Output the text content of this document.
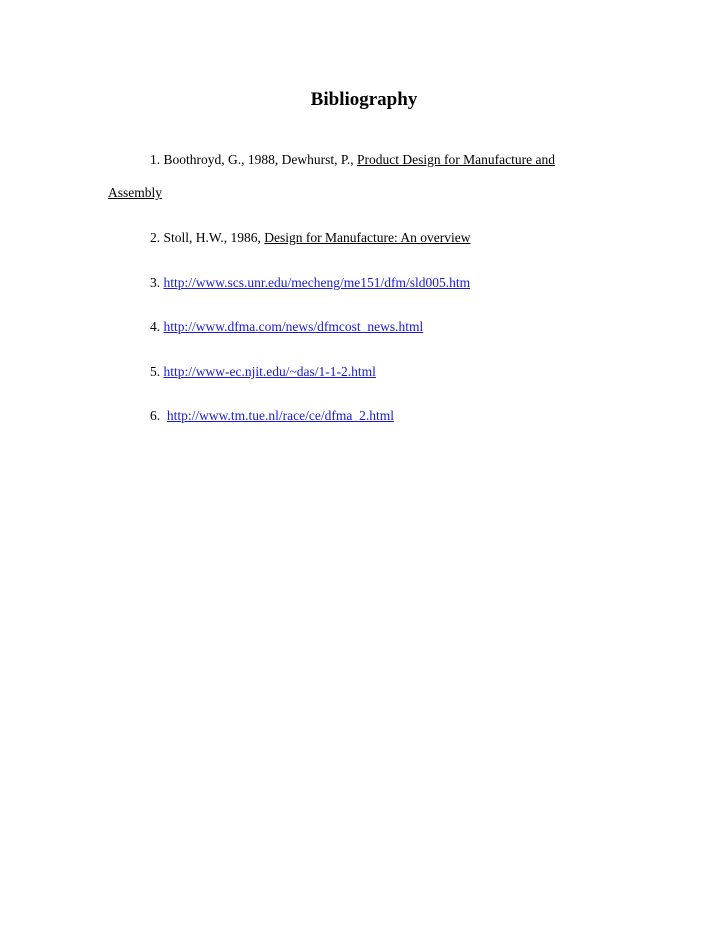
Bibliography
1. Boothroyd, G., 1988, Dewhurst, P., Product Design for Manufacture and
Assembly
2. Stoll, H.W., 1986, Design for Manufacture: An overview
3. http://www.scs.unr.edu/mecheng/me151/dfm/sld005.htm
4. http://www.dfma.com/news/dfmcost_news.html
5. http://www-ec.njit.edu/~das/1-1-2.html
6. http://www.tm.tue.nl/race/ce/dfma_2.html
